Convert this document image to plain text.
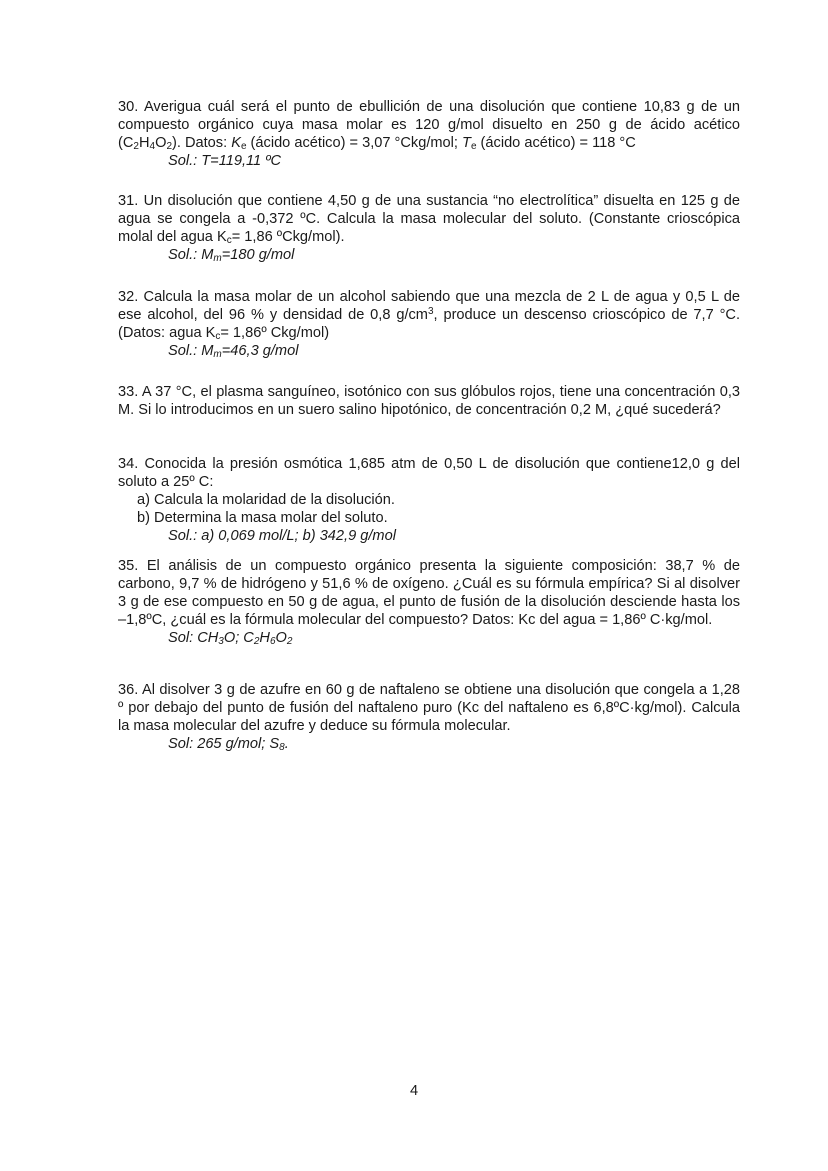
30. Averigua cuál será el punto de ebullición de una disolución que contiene 10,83 g de un compuesto orgánico cuya masa molar es 120 g/mol disuelto en 250 g de ácido acético $(C_2H_4O_2)$. Datos: $K_e$ (ácido acético) = 3,07 °Ckg/mol; $T_e$ (ácido acético) = 118 °C
Sol.: T=119,11 ºC
31. Un disolución que contiene 4,50 g de una sustancia “no electrolítica” disuelta en 125 g de agua se congela a -0,372 ºC. Calcula la masa molecular del soluto. (Constante crioscópica molal del agua $K_c= 1,86$ ºCkg/mol).
Sol.: $M_m=180$ g/mol
32. Calcula la masa molar de un alcohol sabiendo que una mezcla de 2 L de agua y 0,5 L de ese alcohol, del 96 % y densidad de 0,8 $g/cm^3$, produce un descenso crioscópico de 7,7 °C. (Datos: agua $K_c=$ 1,86º Ckg/mol)
Sol.: $M_m=46,3$ g/mol
33. A 37 °C, el plasma sanguíneo, isotónico con sus glóbulos rojos, tiene una concentración 0,3 M. Si lo introducimos en un suero salino hipotónico, de concentración 0,2 M, ¿qué sucederá?
34. Conocida la presión osmótica 1,685 atm de 0,50 L de disolución que contiene12,0 g del soluto a 25º C:
a) Calcula la molaridad de la disolución.
b) Determina la masa molar del soluto.
Sol.: a) 0,069 mol/L; b) 342,9 g/mol
35. El análisis de un compuesto orgánico presenta la siguiente composición: 38,7 % de carbono, 9,7 % de hidrógeno y 51,6 % de oxígeno. ¿Cuál es su fórmula empírica? Si al disolver 3 g de ese compuesto en 50 g de agua, el punto de fusión de la disolución desciende hasta los –1,8ºC, ¿cuál es la fórmula molecular del compuesto? Datos: Kc del agua = 1,86º C·kg/mol.
Sol: $CH_3O$; $C_2H_6O_2$
36. Al disolver 3 g de azufre en 60 g de naftaleno se obtiene una disolución que congela a 1,28 º por debajo del punto de fusión del naftaleno puro (Kc del naftaleno es 6,8ºC·kg/mol). Calcula la masa molecular del azufre y deduce su fórmula molecular.
Sol: 265 g/mol; $S_8$.
4
